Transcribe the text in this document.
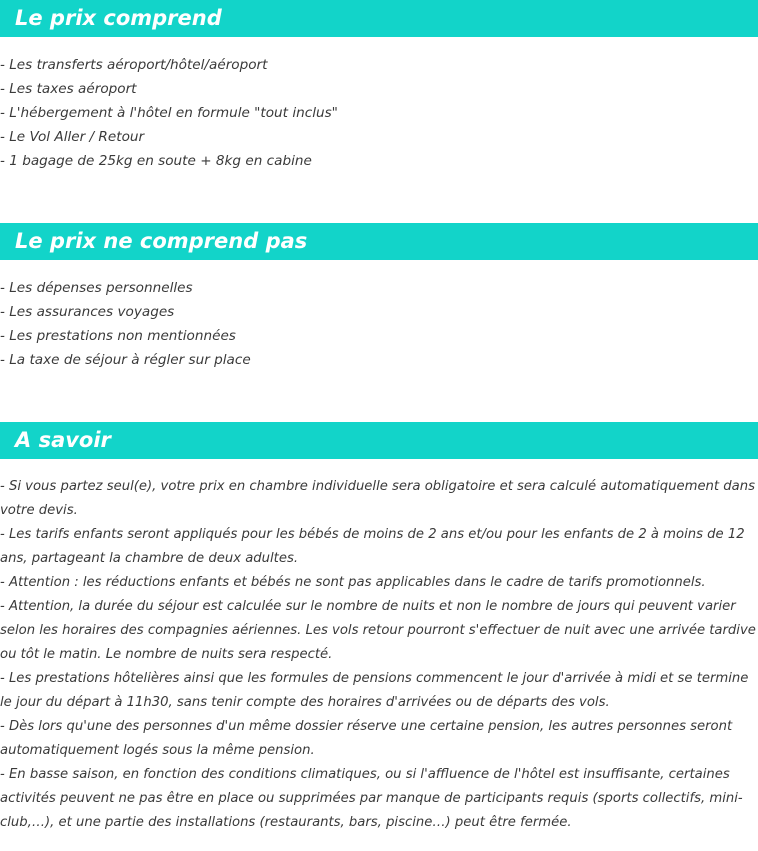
Le prix comprend
- Les transferts aéroport/hôtel/aéroport
- Les taxes aéroport
- L'hébergement à l'hôtel en formule "tout inclus"
- Le Vol Aller / Retour
- 1 bagage de 25kg en soute + 8kg en cabine
Le prix ne comprend pas
- Les dépenses personnelles
- Les assurances voyages
- Les prestations non mentionnées
- La taxe de séjour à régler sur place
A savoir
- Si vous partez seul(e), votre prix en chambre individuelle sera obligatoire et sera calculé automatiquement dans votre devis.
- Les tarifs enfants seront appliqués pour les bébés de moins de 2 ans et/ou pour les enfants de 2 à moins de 12 ans, partageant la chambre de deux adultes.
- Attention : les réductions enfants et bébés ne sont pas applicables dans le cadre de tarifs promotionnels.
- Attention, la durée du séjour est calculée sur le nombre de nuits et non le nombre de jours qui peuvent varier selon les horaires des compagnies aériennes. Les vols retour pourront s'effectuer de nuit avec une arrivée tardive ou tôt le matin. Le nombre de nuits sera respecté.
- Les prestations hôtelières ainsi que les formules de pensions commencent le jour d'arrivée à midi et se termine le jour du départ à 11h30, sans tenir compte des horaires d'arrivées ou de départs des vols.
- Dès lors qu'une des personnes d'un même dossier réserve une certaine pension, les autres personnes seront automatiquement logés sous la même pension.
- En basse saison, en fonction des conditions climatiques, ou si l'affluence de l'hôtel est insuffisante, certaines activités peuvent ne pas être en place ou supprimées par manque de participants requis (sports collectifs, mini-club,…), et une partie des installations (restaurants, bars, piscine…) peut être fermée.
